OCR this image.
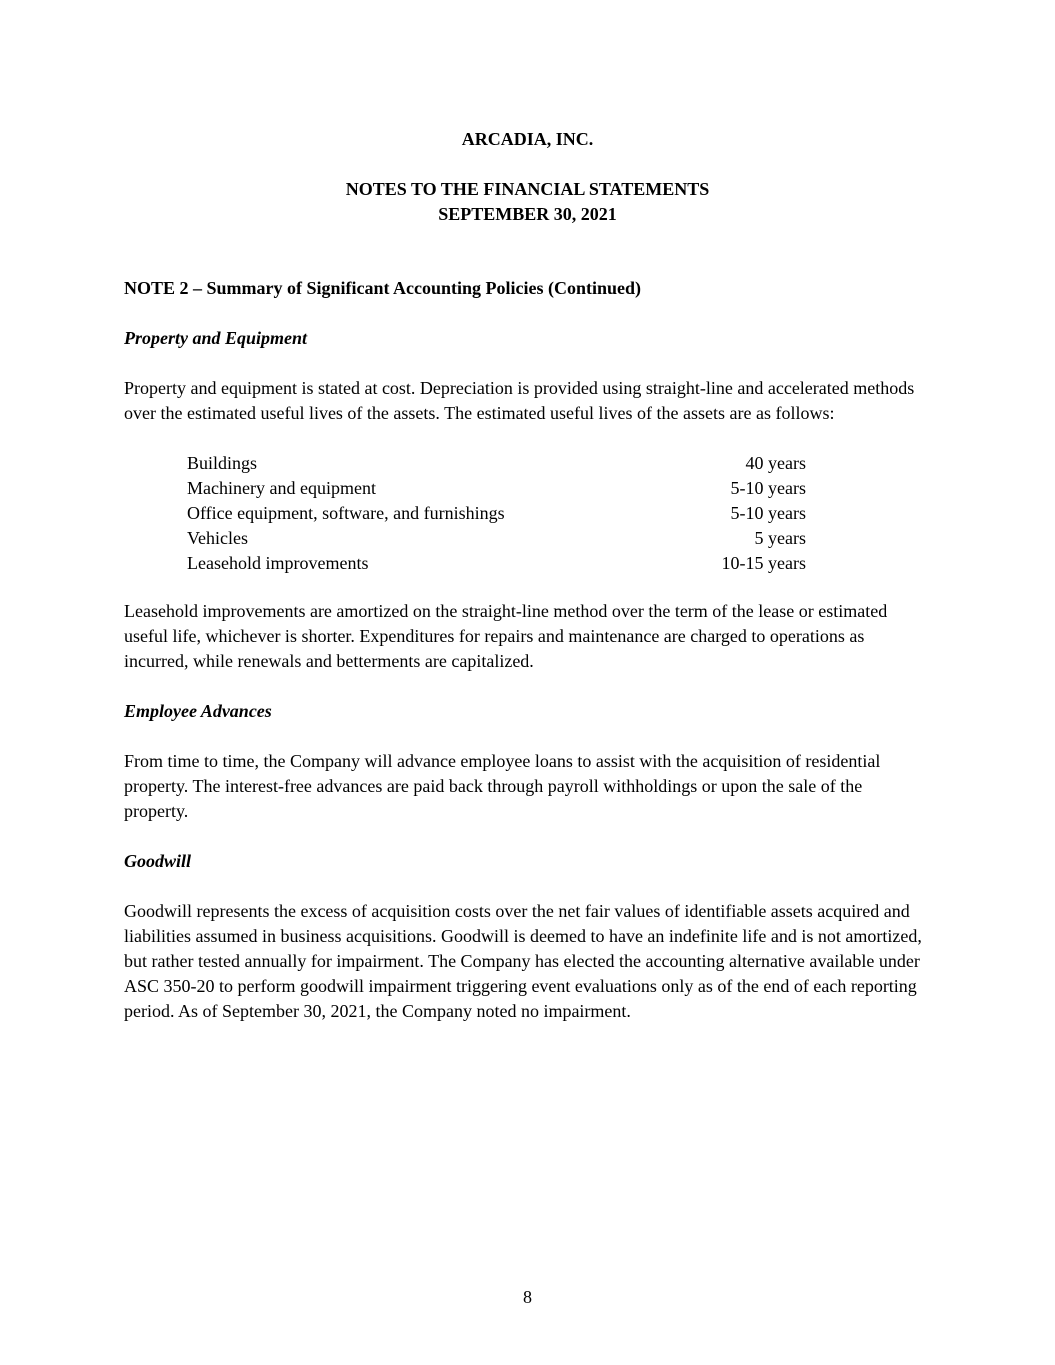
ARCADIA, INC.
NOTES TO THE FINANCIAL STATEMENTS
SEPTEMBER 30, 2021
NOTE 2 – Summary of Significant Accounting Policies (Continued)
Property and Equipment

Property and equipment is stated at cost. Depreciation is provided using straight-line and accelerated methods over the estimated useful lives of the assets. The estimated useful lives of the assets are as follows:

Buildings	40 years
Machinery and equipment	5-10 years
Office equipment, software, and furnishings	5-10 years
Vehicles	5 years
Leasehold improvements	10-15 years

Leasehold improvements are amortized on the straight-line method over the term of the lease or estimated useful life, whichever is shorter. Expenditures for repairs and maintenance are charged to operations as incurred, while renewals and betterments are capitalized.

Employee Advances

From time to time, the Company will advance employee loans to assist with the acquisition of residential property. The interest-free advances are paid back through payroll withholdings or upon the sale of the property.

Goodwill

Goodwill represents the excess of acquisition costs over the net fair values of identifiable assets acquired and liabilities assumed in business acquisitions. Goodwill is deemed to have an indefinite life and is not amortized, but rather tested annually for impairment. The Company has elected the accounting alternative available under ASC 350-20 to perform goodwill impairment triggering event evaluations only as of the end of each reporting period. As of September 30, 2021, the Company noted no impairment.

8
